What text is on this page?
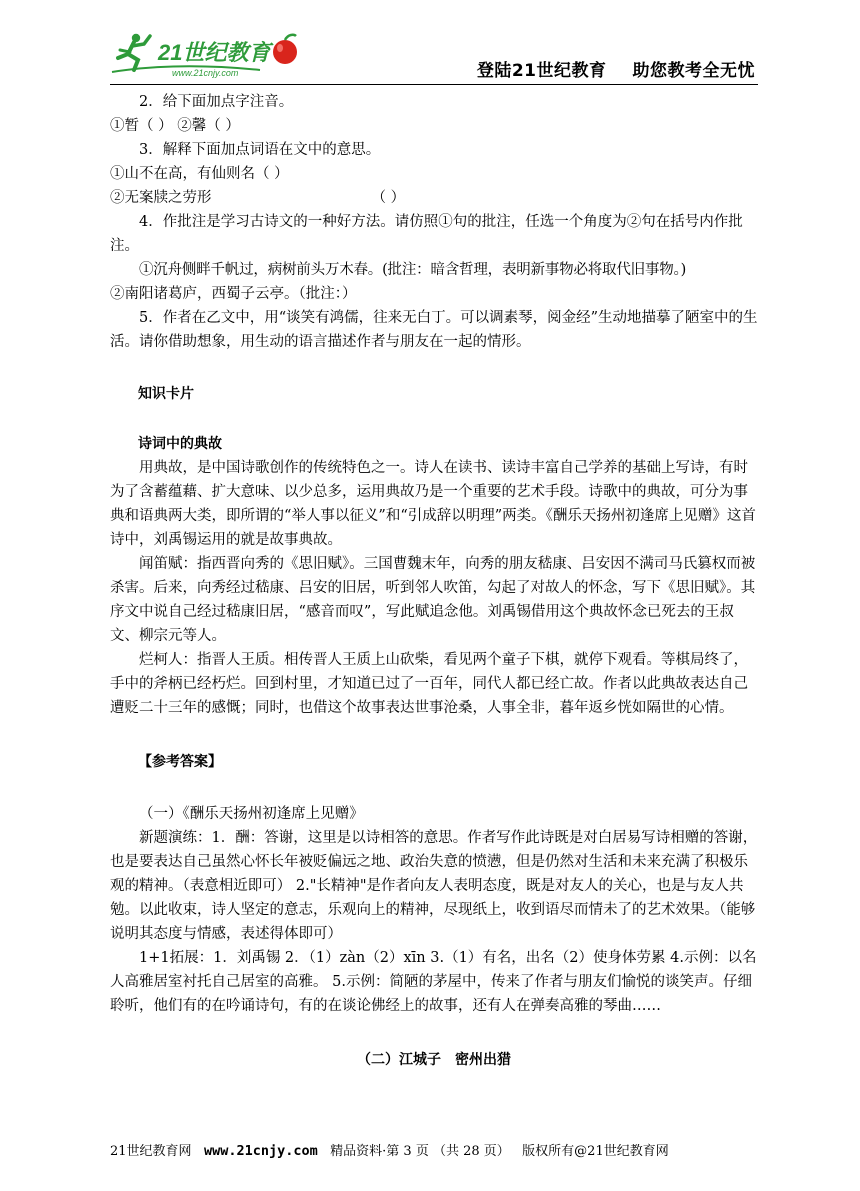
21世纪教育
www.21cnjy.com	登陆21世纪教育 助您教考全无忧

2．给下面加点字注音。

①暂（ ） ②馨（ ）

3．解释下面加点词语在文中的意思。

①山不在高，有仙则名（ ）

②无案牍之劳形	（ ）

4．作批注是学习古诗文的一种好方法。请仿照①句的批注，任选一个角度为②句在括号内作批注。

①沉舟侧畔千帆过，病树前头万木春。(批注：暗含哲理，表明新事物必将取代旧事物。)

②南阳诸葛庐，西蜀子云亭。（批注：）

5．作者在乙文中，用“谈笑有鸿儒，往来无白丁。可以调素琴，阅金经”生动地描摹了陋室中的生活。请你借助想象，用生动的语言描述作者与朋友在一起的情形。

知识卡片

诗词中的典故

用典故，是中国诗歌创作的传统特色之一。诗人在读书、读诗丰富自己学养的基础上写诗，有时为了含蓄蕴藉、扩大意味、以少总多，运用典故乃是一个重要的艺术手段。诗歌中的典故，可分为事典和语典两大类，即所谓的“举人事以征义”和“引成辞以明理”两类。《酬乐天扬州初逢席上见赠》这首诗中，刘禹锡运用的就是故事典故。

闻笛赋：指西晋向秀的《思旧赋》。三国曹魏末年，向秀的朋友嵇康、吕安因不满司马氏篡权而被杀害。后来，向秀经过嵇康、吕安的旧居，听到邻人吹笛，勾起了对故人的怀念，写下《思旧赋》。其序文中说自己经过嵇康旧居，“感音而叹”，写此赋追念他。刘禹锡借用这个典故怀念已死去的王叔文、柳宗元等人。

烂柯人：指晋人王质。相传晋人王质上山砍柴，看见两个童子下棋，就停下观看。等棋局终了，手中的斧柄已经朽烂。回到村里，才知道已过了一百年，同代人都已经亡故。作者以此典故表达自己遭贬二十三年的感慨；同时，也借这个故事表达世事沧桑，人事全非，暮年返乡恍如隔世的心情。

【参考答案】

（一）《酬乐天扬州初逢席上见赠》

新题演练：1．酬：答谢，这里是以诗相答的意思。作者写作此诗既是对白居易写诗相赠的答谢，也是要表达自己虽然心怀长年被贬偏远之地、政治失意的愤懑，但是仍然对生活和未来充满了积极乐观的精神。（表意相近即可） 2."长精神"是作者向友人表明态度，既是对友人的关心，也是与友人共勉。以此收束，诗人坚定的意志，乐观向上的精神，尽现纸上，收到语尽而情未了的艺术效果。（能够说明其态度与情感，表述得体即可）

1+1拓展：1．刘禹锡 2．（1）zàn（2）xīn 3.（1）有名，出名（2）使身体劳累 4.示例：以名人高雅居室衬托自己居室的高雅。 5.示例：简陋的茅屋中，传来了作者与朋友们愉悦的谈笑声。仔细聆听，他们有的在吟诵诗句，有的在谈论佛经上的故事，还有人在弹奏高雅的琴曲……

（二）江城子　密州出猎

21世纪教育网 www.21cnjy.com 精品资料·第 3 页 （共 28 页） 版权所有@21世纪教育网
